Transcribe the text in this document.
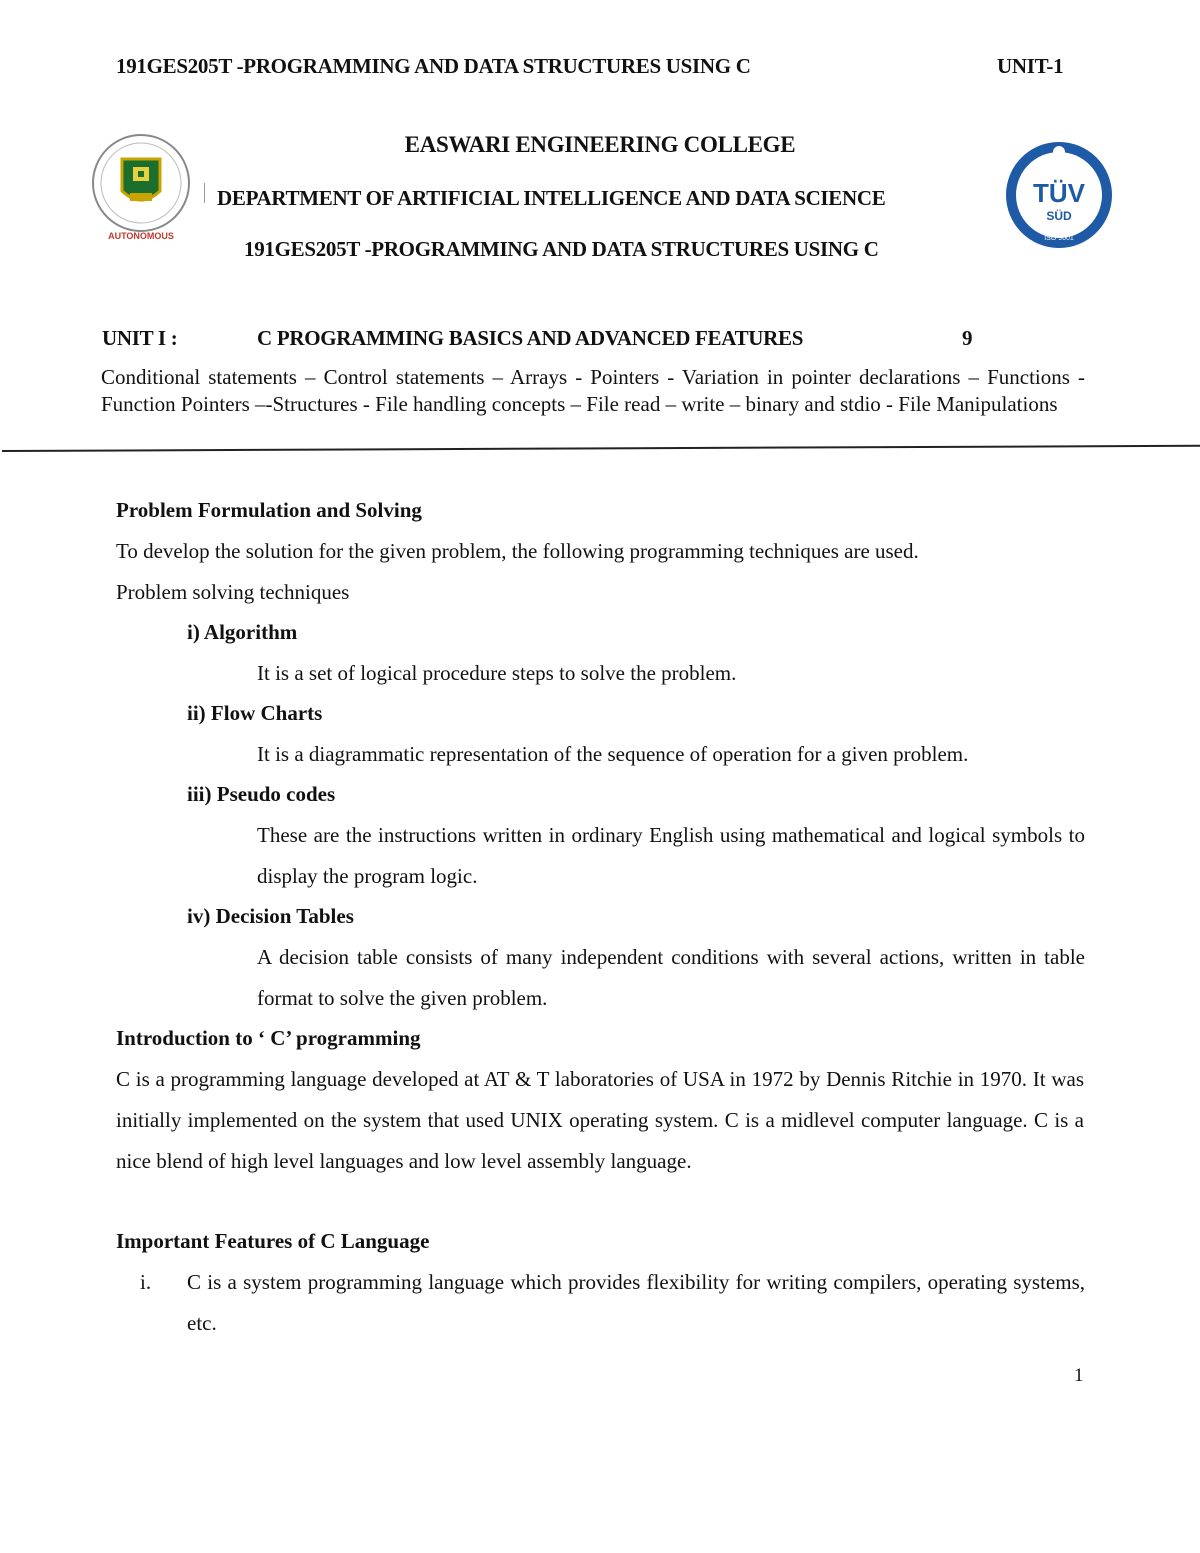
191GES205T -PROGRAMMING AND DATA STRUCTURES USING C	UNIT-1
AUTONOMOUS
TÜV
SÜD
ISO 9001
EASWARI ENGINEERING COLLEGE
DEPARTMENT OF ARTIFICIAL INTELLIGENCE AND DATA SCIENCE
191GES205T -PROGRAMMING AND DATA STRUCTURES USING C
UNIT I :	C PROGRAMMING BASICS AND ADVANCED FEATURES	9
Conditional statements – Control statements – Arrays - Pointers - Variation in pointer declarations – Functions - Function Pointers –-Structures - File handling concepts – File read – write – binary and stdio - File Manipulations
Problem Formulation and Solving
To develop the solution for the given problem, the following programming techniques are used.
Problem solving techniques
i) Algorithm
It is a set of logical procedure steps to solve the problem.
ii) Flow Charts
It is a diagrammatic representation of the sequence of operation for a given problem.
iii) Pseudo codes
These are the instructions written in ordinary English using mathematical and logical symbols to display the program logic.
iv) Decision Tables
A decision table consists of many independent conditions with several actions, written in table format to solve the given problem.
Introduction to ‘ C’ programming
C is a programming language developed at AT & T laboratories of USA in 1972 by Dennis Ritchie in 1970. It was initially implemented on the system that used UNIX operating system. C is a midlevel computer language. C is a nice blend of high level languages and low level assembly language.
Important Features of C Language
i. C is a system programming language which provides flexibility for writing compilers, operating systems, etc.
1
